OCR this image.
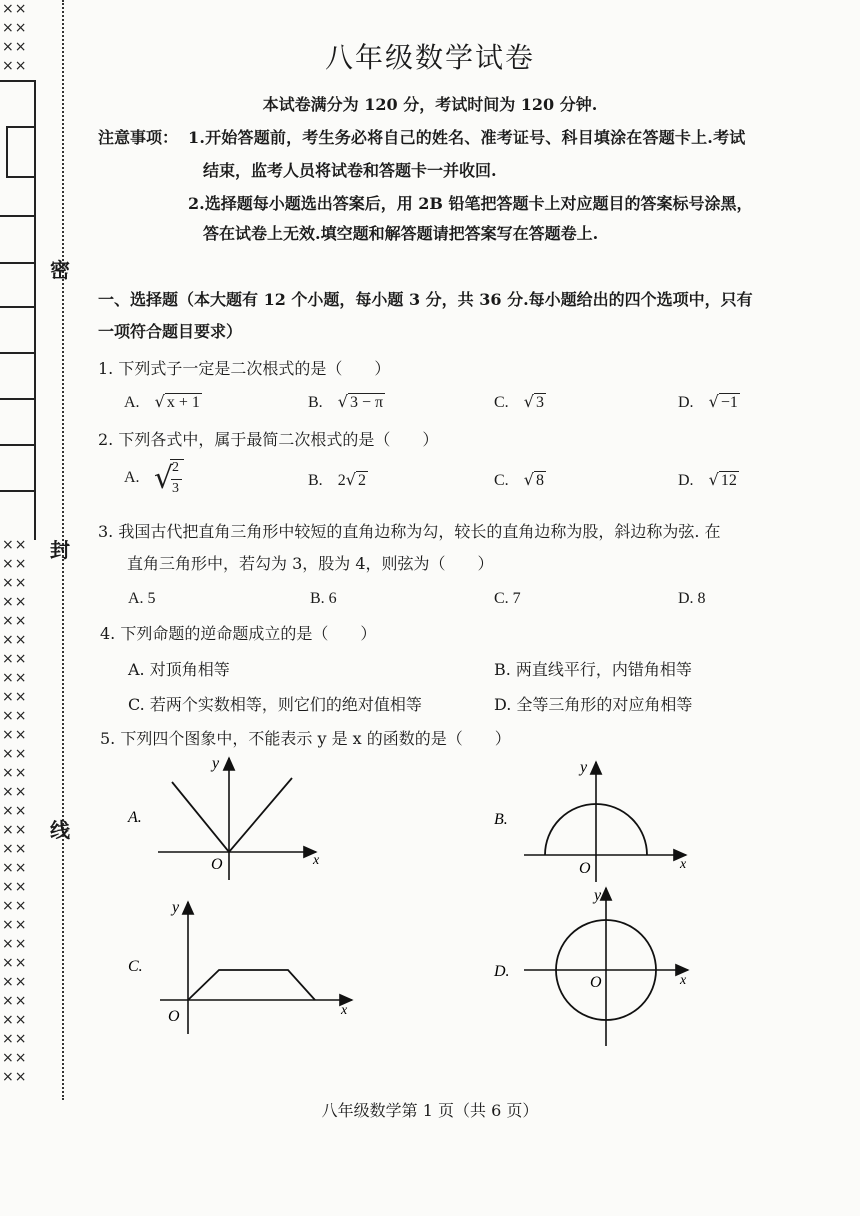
××
××
××
××
××
××
××
××
××
××
××
××
××
××
××
××
××
××
××
××
××
××
××
××
××
××
××
××
××
××
××
××
××
密
封
线
八年级数学试卷
本试卷满分为 120 分，考试时间为 120 分钟.
注意事项： 1.开始答题前，考生务必将自己的姓名、准考证号、科目填涂在答题卡上.考试
结束，监考人员将试卷和答题卡一并收回.
2.选择题每小题选出答案后，用 2B 铅笔把答题卡上对应题目的答案标号涂黑，
答在试卷上无效.填空题和解答题请把答案写在答题卷上.
一、选择题（本大题有 12 个小题，每小题 3 分，共 36 分.每小题给出的四个选项中，只有
一项符合题目要求）
1. 下列式子一定是二次根式的是（　　）
A. √ x + 1	B. √ 3 − π	C. √ 3	D. √ −1
2. 下列各式中，属于最简二次根式的是（　　）
A. √
2
3	B. 2√ 2	C. √ 8	D. √ 12
3. 我国古代把直角三角形中较短的直角边称为勾，较长的直角边称为股，斜边称为弦. 在
直角三角形中，若勾为 3，股为 4，则弦为（　　）
A. 5	B. 6	C. 7	D. 8
4. 下列命题的逆命题成立的是（　　）
A. 对顶角相等	B. 两直线平行，内错角相等
C. 若两个实数相等，则它们的绝对值相等	D. 全等三角形的对应角相等
5. 下列四个图象中，不能表示 y 是 x 的函数的是（　　）
A.
O	x
y
B.
O	x
y
C.
O	x
y
D.
O	x
y
八年级数学第 1 页（共 6 页）
